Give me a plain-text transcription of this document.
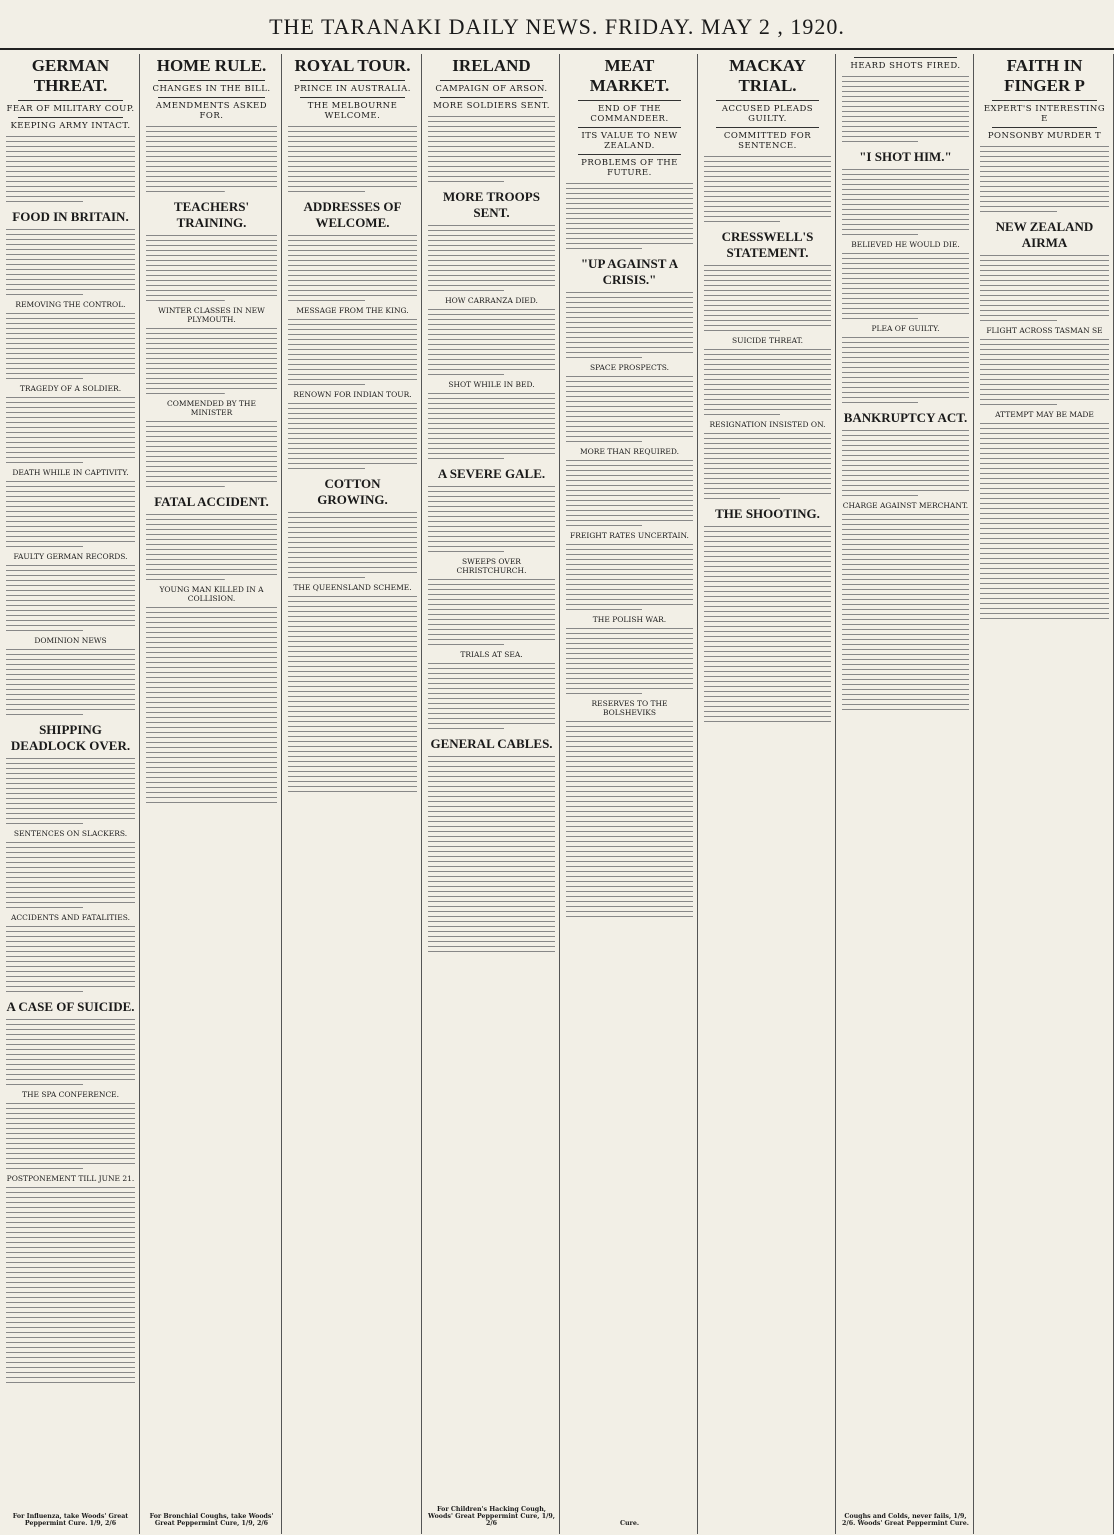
THE TARANAKI DAILY NEWS. FRIDAY. MAY 2 , 1920.
GERMAN THREAT.
FEAR OF MILITARY COUP.
KEEPING ARMY INTACT.
FOOD IN BRITAIN.
REMOVING THE CONTROL.
TRAGEDY OF A SOLDIER.
DEATH WHILE IN CAPTIVITY.
FAULTY GERMAN RECORDS.
DOMINION NEWS
SHIPPING DEADLOCK OVER.
SENTENCES ON SLACKERS.
ACCIDENTS AND FATALITIES.
A CASE OF SUICIDE.
THE SPA CONFERENCE.
POSTPONEMENT TILL JUNE 21.
For Influenza, take Woods' Great Peppermint Cure. 1/9, 2/6
HOME RULE.
CHANGES IN THE BILL.
AMENDMENTS ASKED FOR.
TEACHERS' TRAINING.
WINTER CLASSES IN NEW PLYMOUTH.
COMMENDED BY THE MINISTER
FATAL ACCIDENT.
YOUNG MAN KILLED IN A COLLISION.
For Bronchial Coughs, take Woods' Great Peppermint Cure, 1/9, 2/6
ROYAL TOUR.
PRINCE IN AUSTRALIA.
THE MELBOURNE WELCOME.
ADDRESSES OF WELCOME.
MESSAGE FROM THE KING.
RENOWN FOR INDIAN TOUR.
COTTON GROWING.
THE QUEENSLAND SCHEME.
IRELAND
CAMPAIGN OF ARSON.
MORE SOLDIERS SENT.
MORE TROOPS SENT.
HOW CARRANZA DIED.
SHOT WHILE IN BED.
A SEVERE GALE.
SWEEPS OVER CHRISTCHURCH.
TRIALS AT SEA.
GENERAL CABLES.
For Children's Hacking Cough, Woods' Great Peppermint Cure, 1/9, 2/6
MEAT MARKET.
END OF THE COMMANDEER.
ITS VALUE TO NEW ZEALAND.
PROBLEMS OF THE FUTURE.
"UP AGAINST A CRISIS."
SPACE PROSPECTS.
MORE THAN REQUIRED.
FREIGHT RATES UNCERTAIN.
THE POLISH WAR.
RESERVES TO THE BOLSHEVIKS
Cure.
MACKAY TRIAL.
ACCUSED PLEADS GUILTY.
COMMITTED FOR SENTENCE.
CRESSWELL'S STATEMENT.
SUICIDE THREAT.
RESIGNATION INSISTED ON.
THE SHOOTING.
HEARD SHOTS FIRED.
"I SHOT HIM."
BELIEVED HE WOULD DIE.
PLEA OF GUILTY.
BANKRUPTCY ACT.
CHARGE AGAINST MERCHANT.
Coughs and Colds, never fails, 1/9, 2/6. Woods' Great Peppermint Cure.
FAITH IN FINGER P
EXPERT'S INTERESTING E
PONSONBY MURDER T
NEW ZEALAND AIRMA
FLIGHT ACROSS TASMAN SE
ATTEMPT MAY BE MADE
